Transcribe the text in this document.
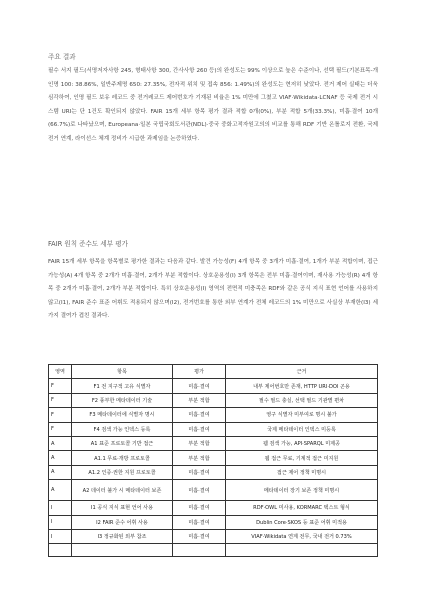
주요 결과
필수 서지 필드(서명저자사항 245, 형태사항 300, 간사사항 260 등)의 완성도는 99% 이상으로 높은 수준이나, 선택 필드(기본표목-개인명 100: 38.86%, 일반주제명 650: 27.35%, 전자적 위치 및 접속 856: 1.49%)의 완성도는 현저히 낮았다. 전거 제어 실태는 더욱 심각하여, 인명 필드 보유 레코드 중 전거레코드 제어번호가 기재된 비율은 1% 미만에 그쳤고 VIAF·Wikidata·LCNAF 등 국제 전거 시스템 URI는 단 1건도 확인되지 않았다. FAIR 15개 세부 항목 평가 결과 적합 0개(0%), 부분 적합 5개(33.3%), 미흡·결여 10개(66.7%)로 나타났으며, Europeana·일본 국립국회도서관(NDL)·중국 중화고적자원고의의 비교를 통해 RDF 기반 온톨로지 전환, 국제 전거 연계, 라이선스 체계 정비가 시급한 과제임을 논증하였다.
FAIR 원칙 준수도 세부 평가
FAIR 15개 세부 항목을 항목별로 평가한 결과는 다음과 같다. 발견 가능성(F) 4개 항목 중 3개가 미흡·결여, 1개가 부분 적합이며, 접근 가능성(A) 4개 항목 중 2개가 미흡·결여, 2개가 부분 적합이다. 상호운용성(I) 3개 항목은 전부 미흡·결여이며, 재사용 가능성(R) 4개 항목 중 2개가 미흡·결여, 2개가 부분 적합이다. 특히 상호운용성(I) 영역의 전면적 미충족은 RDF와 같은 공식 지식 표현 언어를 사용하지 않고(I1), FAIR 준수 표준 어휘도 적용되지 않으며(I2), 전거번호를 통한 외부 연계가 전체 레코드의 1% 미만으로 사실상 부재한(I3) 세 가지 결여가 겹친 결과다.
영역	항목	평가	근거
F	F1 전 지구적 고유 식별자	미흡·결여	내부 제어번호만 존재, HTTP URI·DOI 곤용
F	F2 풍부한 메타데이터 기술	부분 적합	필수 필드 충실, 선택 필드 기관별 편차
F	F3 메타데이터에 식별자 명시	미흡·결여	영구 식별자 미부여로 명시 불가
F	F4 검색 가능 인덱스 등록	미흡·결여	국제 메타데이터 인덱스 미등록
A	A1 표준 프로토콜 기반 접근	부분 적합	웹 검색 가능, API·SPARQL 미제공
A	A1.1 무료·개방 프로토콜	부분 적합	웹 접근 무료, 기계적 접근 미지원
A	A1.2 인증·권한 지원 프로토콜	미흡·결여	접근 제어 정책 미명시
A	A2 데이터 불가 시 메타데이터 보존	미흡·결여	메타데이터 장기 보존 정책 미명시
I	I1 공식 지식 표현 언어 사용	미흡·결여	RDF·OWL 미사용, KORMARC 텍스트 형식
I	I2 FAIR 준수 어휘 사용	미흡·결여	Dublin Core·SKOS 등 표준 어휘 미적용
I	I3 정규화된 외부 참조	미흡·결여	VIAF·Wikidata 연계 전무, 국내 전거 0.73%
